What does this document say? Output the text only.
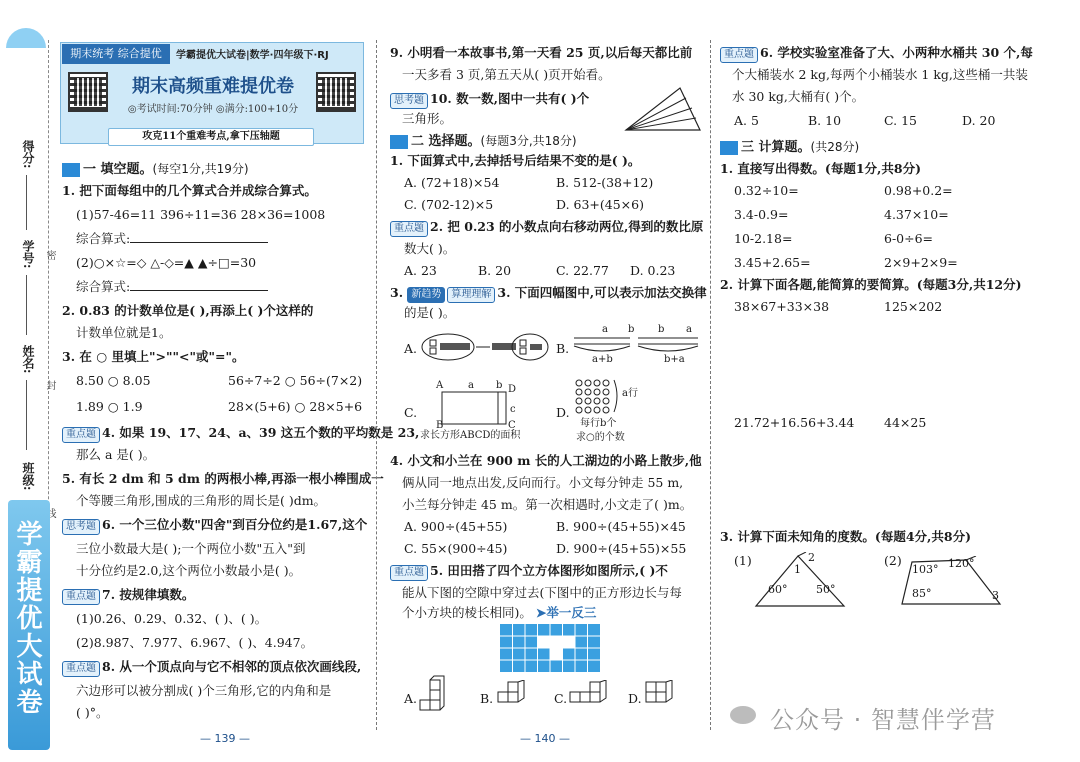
得分:
学号:
姓名:
班级:
密
封
学霸提优大试卷
期末统考 综合提优	学霸提优大试卷|数学·四年级下·RJ
期末高频重难提优卷
◎考试时间:70分钟 ◎满分:100+10分
攻克11个重难考点,拿下压轴题
一 填空题。(每空1分,共19分)
1. 把下面每组中的几个算式合并成综合算式。
(1)57-46=11 396÷11=36 28×36=1008
综合算式:
(2)○×☆=◇ △-◇=▲ ▲÷□=30
综合算式:
2. 0.83 的计数单位是( ),再添上( )个这样的
计数单位就是1。
3. 在 ○ 里填上">""<"或"="。
8.50 ○ 8.05	56÷7÷2 ○ 56÷(7×2)
1.89 ○ 1.9	28×(5+6) ○ 28×5+6
重点题 4. 如果 19、17、24、a、39 这五个数的平均数是 23,
那么 a 是( )。
5. 有长 2 dm 和 5 dm 的两根小棒,再添一根小棒围成一
个等腰三角形,围成的三角形的周长是( )dm。
思考题 6. 一个三位小数"四舍"到百分位约是1.67,这个
三位小数最大是( );一个两位小数"五入"到
十分位约是2.0,这个两位小数最小是( )。
重点题 7. 按规律填数。
(1)0.26、0.29、0.32、( )、( )。
(2)8.987、7.977、6.967、( )、4.947。
重点题 8. 从一个顶点向与它不相邻的顶点依次画线段,
六边形可以被分割成( )个三角形,它的内角和是
( )°。
— 139 —
9. 小明看一本故事书,第一天看 25 页,以后每天都比前
一天多看 3 页,第五天从( )页开始看。
思考题 10. 数一数,图中一共有( )个
三角形。
二 选择题。(每题3分,共18分)
1. 下面算式中,去掉括号后结果不变的是( )。
A. (72+18)×54	B. 512-(38+12)
C. (702-12)×5	D. 63+(45×6)
重点题 2. 把 0.23 的小数点向右移动两位,得到的数比原
数大( )。
A. 23	B. 20	C. 22.77 D. 0.23
3. 新趋势 算理理解 3. 下面四幅图中,可以表示加法交换律
的是( )。
A.	B.
a b b a
a+b	b+a
C.
A a b D
c
B	C
求长方形ABCD的面积
D.
a行
每行b个
求○的个数
4. 小文和小兰在 900 m 长的人工湖边的小路上散步,他
俩从同一地点出发,反向而行。小文每分钟走 55 m,
小兰每分钟走 45 m。第一次相遇时,小文走了( )m。
A. 900÷(45+55)	B. 900÷(45+55)×45
C. 55×(900÷45)	D. 900÷(45+55)×55
重点题 5. 田田搭了四个立方体图形如图所示,( )不
能从下图的空隙中穿过去(下图中的正方形边长与每
个小方块的棱长相同)。 ➤举一反三
A.	B.	C.	D.
— 140 —
重点题 6. 学校实验室准备了大、小两种水桶共 30 个,每
个大桶装水 2 kg,每两个小桶装水 1 kg,这些桶一共装
水 30 kg,大桶有( )个。
A. 5	B. 10	C. 15	D. 20
三 计算题。(共28分)
1. 直接写出得数。(每题1分,共8分)
0.32÷10=	0.98+0.2=
3.4-0.9=	4.37×10=
10-2.18=	6-0÷6=
3.45+2.65=	2×9+2×9=
2. 计算下面各题,能简算的要简算。(每题3分,共12分)
38×67+33×38	125×202
21.72+16.56+3.44 44×25
3. 计算下面未知角的度数。(每题4分,共8分)
(1)	(2)
60°	50°
1
2
103° 120°
85°	3
公众号 · 智慧伴学营
